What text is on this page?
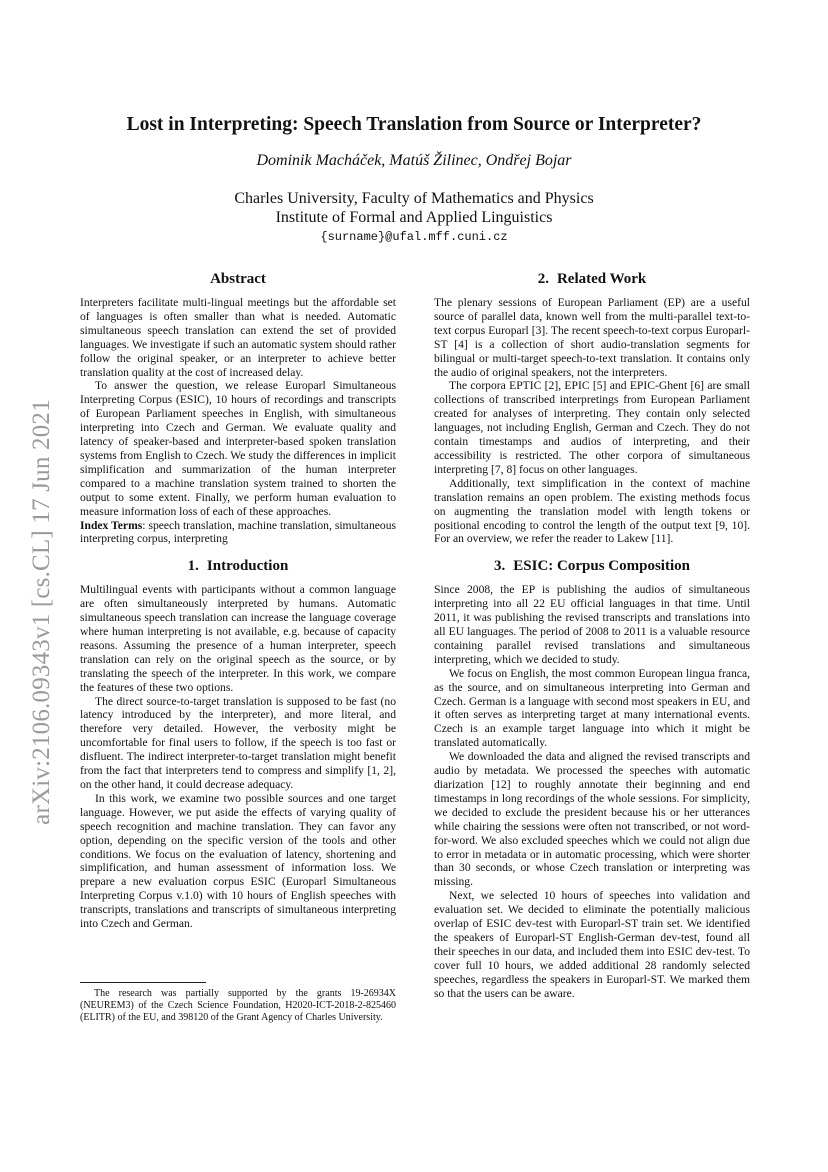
arXiv:2106.09343v1 [cs.CL] 17 Jun 2021
Lost in Interpreting: Speech Translation from Source or Interpreter?
Dominik Macháček, Matúš Žilinec, Ondřej Bojar
Charles University, Faculty of Mathematics and Physics
Institute of Formal and Applied Linguistics
{surname}@ufal.mff.cuni.cz
Abstract

Interpreters facilitate multi-lingual meetings but the affordable set of languages is often smaller than what is needed. Automatic simultaneous speech translation can extend the set of provided languages. We investigate if such an automatic system should rather follow the original speaker, or an interpreter to achieve better translation quality at the cost of increased delay.

To answer the question, we release Europarl Simultaneous Interpreting Corpus (ESIC), 10 hours of recordings and transcripts of European Parliament speeches in English, with simultaneous interpreting into Czech and German. We evaluate quality and latency of speaker-based and interpreter-based spoken translation systems from English to Czech. We study the differences in implicit simplification and summarization of the human interpreter compared to a machine translation system trained to shorten the output to some extent. Finally, we perform human evaluation to measure information loss of each of these approaches.

Index Terms: speech translation, machine translation, simultaneous interpreting corpus, interpreting

1. Introduction

Multilingual events with participants without a common language are often simultaneously interpreted by humans. Automatic simultaneous speech translation can increase the language coverage where human interpreting is not available, e.g. because of capacity reasons. Assuming the presence of a human interpreter, speech translation can rely on the original speech as the source, or by translating the speech of the interpreter. In this work, we compare the features of these two options.

The direct source-to-target translation is supposed to be fast (no latency introduced by the interpreter), and more literal, and therefore very detailed. However, the verbosity might be uncomfortable for final users to follow, if the speech is too fast or disfluent. The indirect interpreter-to-target translation might benefit from the fact that interpreters tend to compress and simplify [1, 2], on the other hand, it could decrease adequacy.

In this work, we examine two possible sources and one target language. However, we put aside the effects of varying quality of speech recognition and machine translation. They can favor any option, depending on the specific version of the tools and other conditions. We focus on the evaluation of latency, shortening and simplification, and human assessment of information loss. We prepare a new evaluation corpus ESIC (Europarl Simultaneous Interpreting Corpus v.1.0) with 10 hours of English speeches with transcripts, translations and transcripts of simultaneous interpreting into Czech and German.

The research was partially supported by the grants 19-26934X (NEUREM3) of the Czech Science Foundation, H2020-ICT-2018-2-825460 (ELITR) of the EU, and 398120 of the Grant Agency of Charles University.
2. Related Work

The plenary sessions of European Parliament (EP) are a useful source of parallel data, known well from the multi-parallel text-to-text corpus Europarl [3]. The recent speech-to-text corpus Europarl-ST [4] is a collection of short audio-translation segments for bilingual or multi-target speech-to-text translation. It contains only the audio of original speakers, not the interpreters.

The corpora EPTIC [2], EPIC [5] and EPIC-Ghent [6] are small collections of transcribed interpretings from European Parliament created for analyses of interpreting. They contain only selected languages, not including English, German and Czech. They do not contain timestamps and audios of interpreting, and their accessibility is restricted. The other corpora of simultaneous interpreting [7, 8] focus on other languages.

Additionally, text simplification in the context of machine translation remains an open problem. The existing methods focus on augmenting the translation model with length tokens or positional encoding to control the length of the output text [9, 10]. For an overview, we refer the reader to Lakew [11].

3. ESIC: Corpus Composition

Since 2008, the EP is publishing the audios of simultaneous interpreting into all 22 EU official languages in that time. Until 2011, it was publishing the revised transcripts and translations into all EU languages. The period of 2008 to 2011 is a valuable resource containing parallel revised translations and simultaneous interpreting, which we decided to study.

We focus on English, the most common European lingua franca, as the source, and on simultaneous interpreting into German and Czech. German is a language with second most speakers in EU, and it often serves as interpreting target at many international events. Czech is an example target language into which it might be translated automatically.

We downloaded the data and aligned the revised transcripts and audio by metadata. We processed the speeches with automatic diarization [12] to roughly annotate their beginning and end timestamps in long recordings of the whole sessions. For simplicity, we decided to exclude the president because his or her utterances while chairing the sessions were often not transcribed, or not word-for-word. We also excluded speeches which we could not align due to error in metadata or in automatic processing, which were shorter than 30 seconds, or whose Czech translation or interpreting was missing.

Next, we selected 10 hours of speeches into validation and evaluation set. We decided to eliminate the potentially malicious overlap of ESIC dev-test with Europarl-ST train set. We identified the speakers of Europarl-ST English-German dev-test, found all their speeches in our data, and included them into ESIC dev-test. To cover full 10 hours, we added additional 28 randomly selected speeches, regardless the speakers in Europarl-ST. We marked them so that the users can be aware.
